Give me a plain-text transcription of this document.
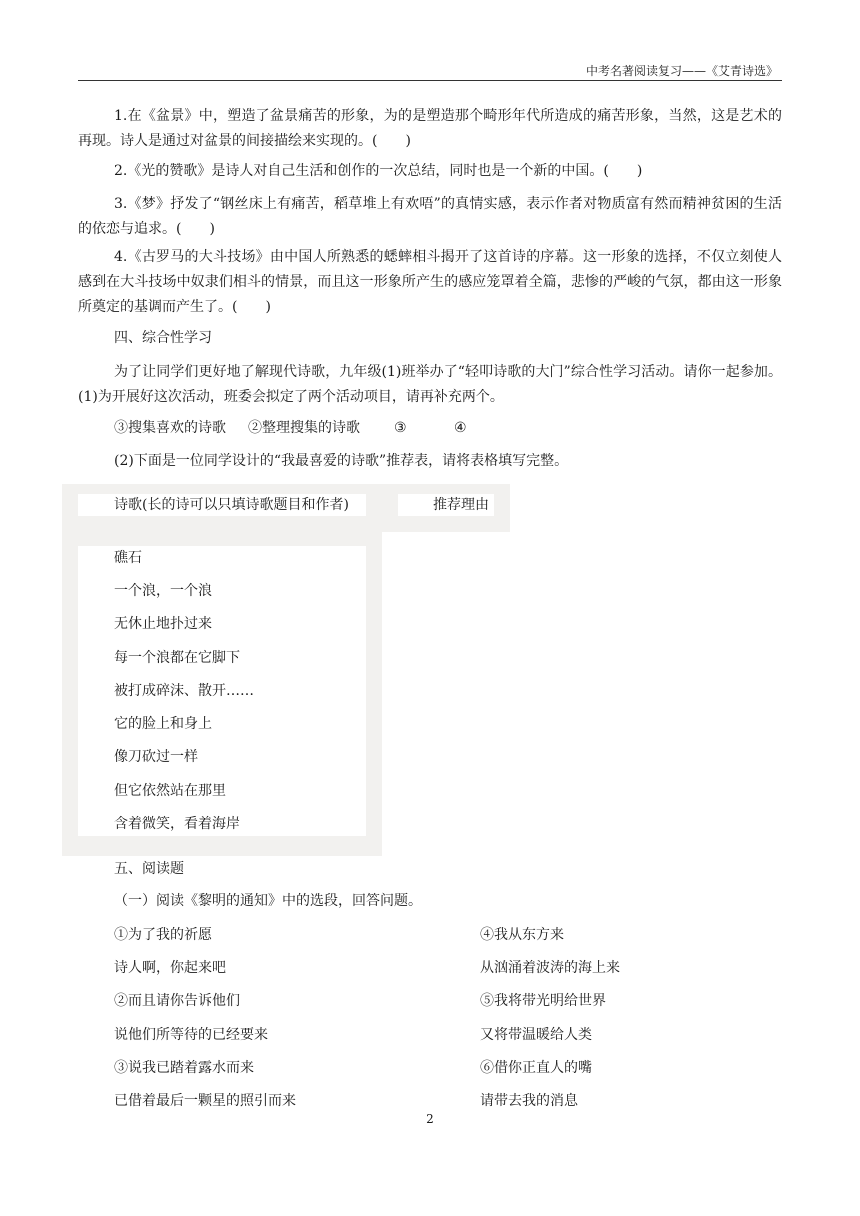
中考名著阅读复习——《艾青诗选》

1.在《盆景》中，塑造了盆景痛苦的形象，为的是塑造那个畸形年代所造成的痛苦形象，当然，这是艺术的再现。诗人是通过对盆景的间接描绘来实现的。(　　)

2.《光的赞歌》是诗人对自己生活和创作的一次总结，同时也是一个新的中国。(　　)

3.《梦》抒发了“钢丝床上有痛苦，稻草堆上有欢唔”的真情实感，表示作者对物质富有然而精神贫困的生活的依恋与追求。(　　)

4.《古罗马的大斗技场》由中国人所熟悉的蟋蟀相斗揭开了这首诗的序幕。这一形象的选择，不仅立刻使人感到在大斗技场中奴隶们相斗的情景，而且这一形象所产生的感应笼罩着全篇，悲惨的严峻的气氛，都由这一形象所奠定的基调而产生了。(　　)

四、综合性学习

为了让同学们更好地了解现代诗歌，九年级(1)班举办了“轻叩诗歌的大门”综合性学习活动。请你一起参加。 (1)为开展好这次活动，班委会拟定了两个活动项目，请再补充两个。

③搜集喜欢的诗歌 ②整理搜集的诗歌 ③	④
(2)下面是一位同学设计的“我最喜爱的诗歌”推荐表，请将表格填写完整。
诗歌(长的诗可以只填诗歌题目和作者)	推荐理由
礁石
一个浪，一个浪
无休止地扑过来
每一个浪都在它脚下
被打成碎沫、散开……
它的脸上和身上
像刀砍过一样
但它依然站在那里
含着微笑，看着海岸
五、阅读题
（一）阅读《黎明的通知》中的选段，回答问题。
①为了我的祈愿
诗人啊，你起来吧
②而且请你告诉他们
说他们所等待的已经要来
③说我已踏着露水而来
已借着最后一颗星的照引而来
④我从东方来
从汹涌着波涛的海上来
⑤我将带光明给世界
又将带温暖给人类
⑥借你正直人的嘴
请带去我的消息
2
